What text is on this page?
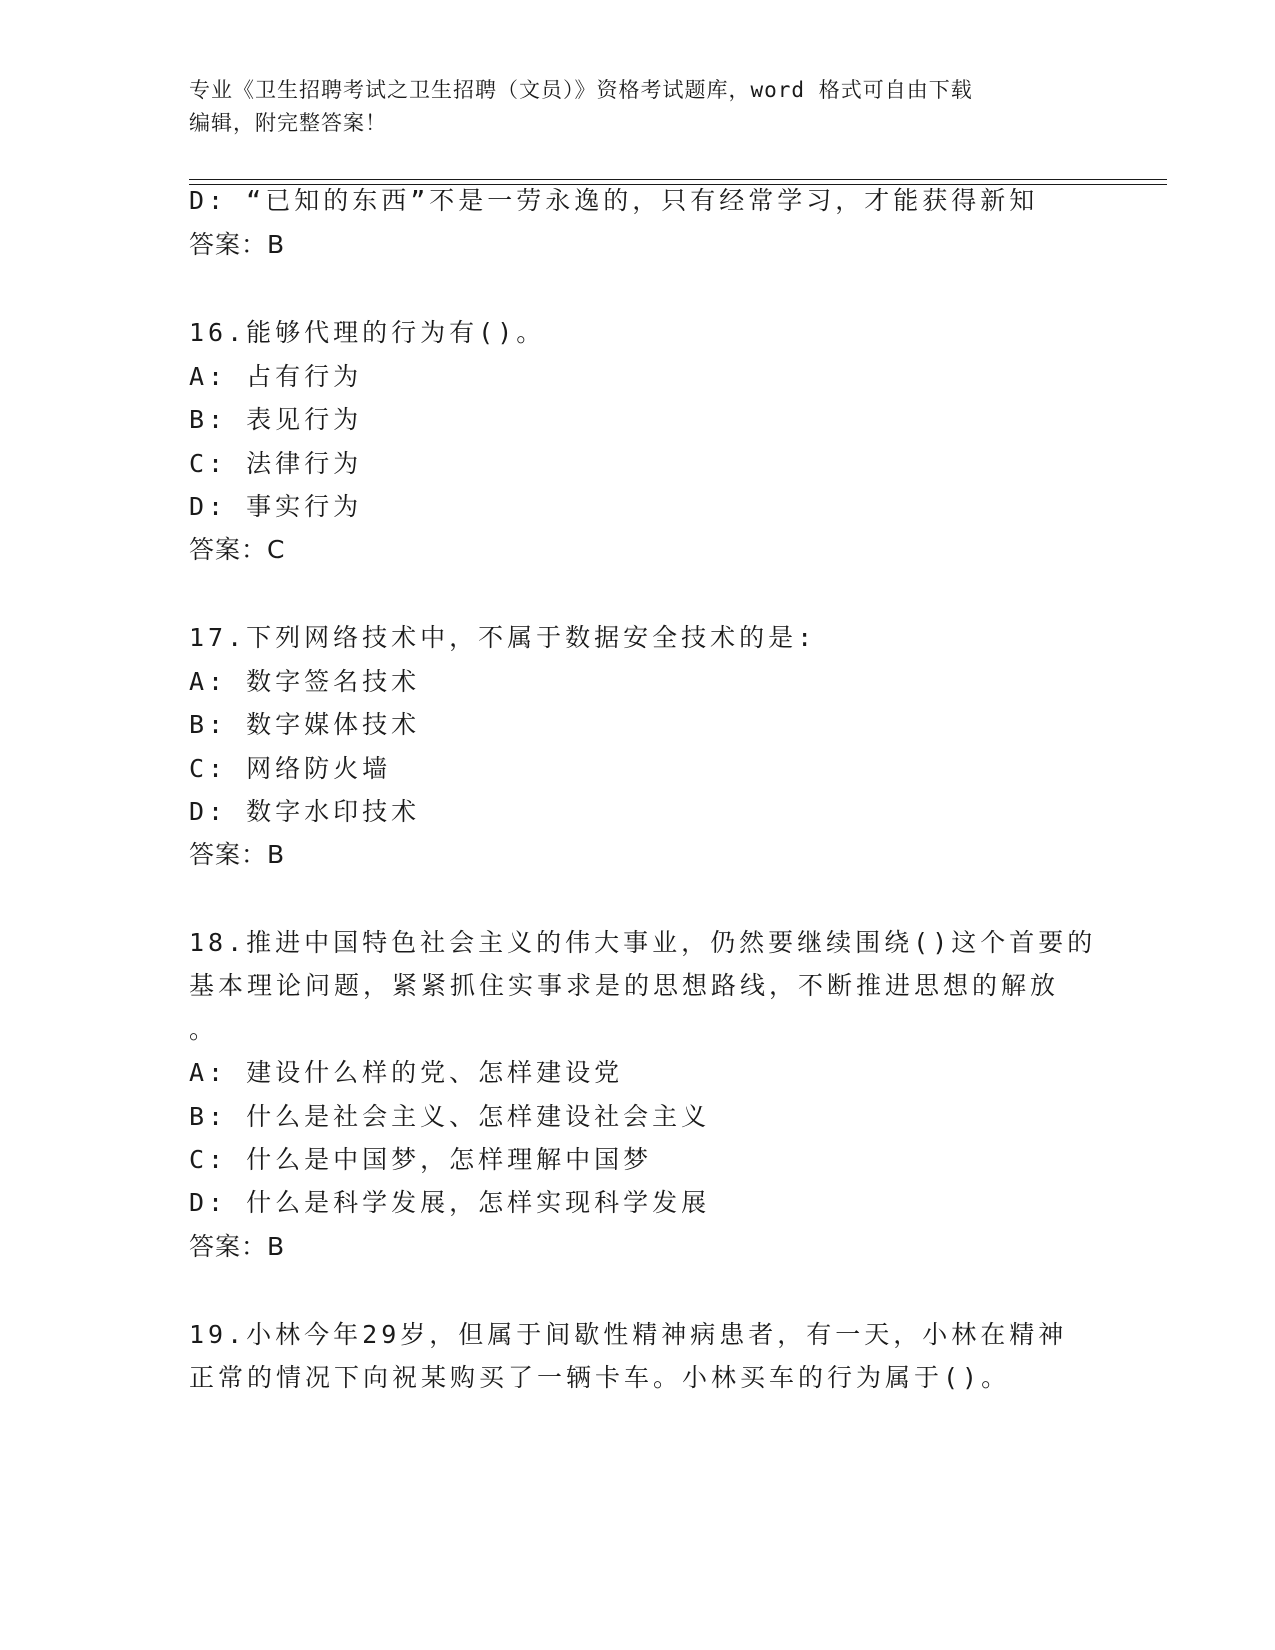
专业《卫生招聘考试之卫生招聘（文员）》资格考试题库，word 格式可自由下载
编辑，附完整答案！
D: “已知的东西”不是一劳永逸的，只有经常学习，才能获得新知
答案：B
16.能够代理的行为有()。
A: 占有行为
B: 表见行为
C: 法律行为
D: 事实行为
答案：C
17.下列网络技术中，不属于数据安全技术的是:
A: 数字签名技术
B: 数字媒体技术
C: 网络防火墙
D: 数字水印技术
答案：B
18.推进中国特色社会主义的伟大事业，仍然要继续围绕()这个首要的
基本理论问题，紧紧抓住实事求是的思想路线，不断推进思想的解放
。
A: 建设什么样的党、怎样建设党
B: 什么是社会主义、怎样建设社会主义
C: 什么是中国梦，怎样理解中国梦
D: 什么是科学发展，怎样实现科学发展
答案：B
19.小林今年29岁，但属于间歇性精神病患者，有一天，小林在精神
正常的情况下向祝某购买了一辆卡车。小林买车的行为属于()。
